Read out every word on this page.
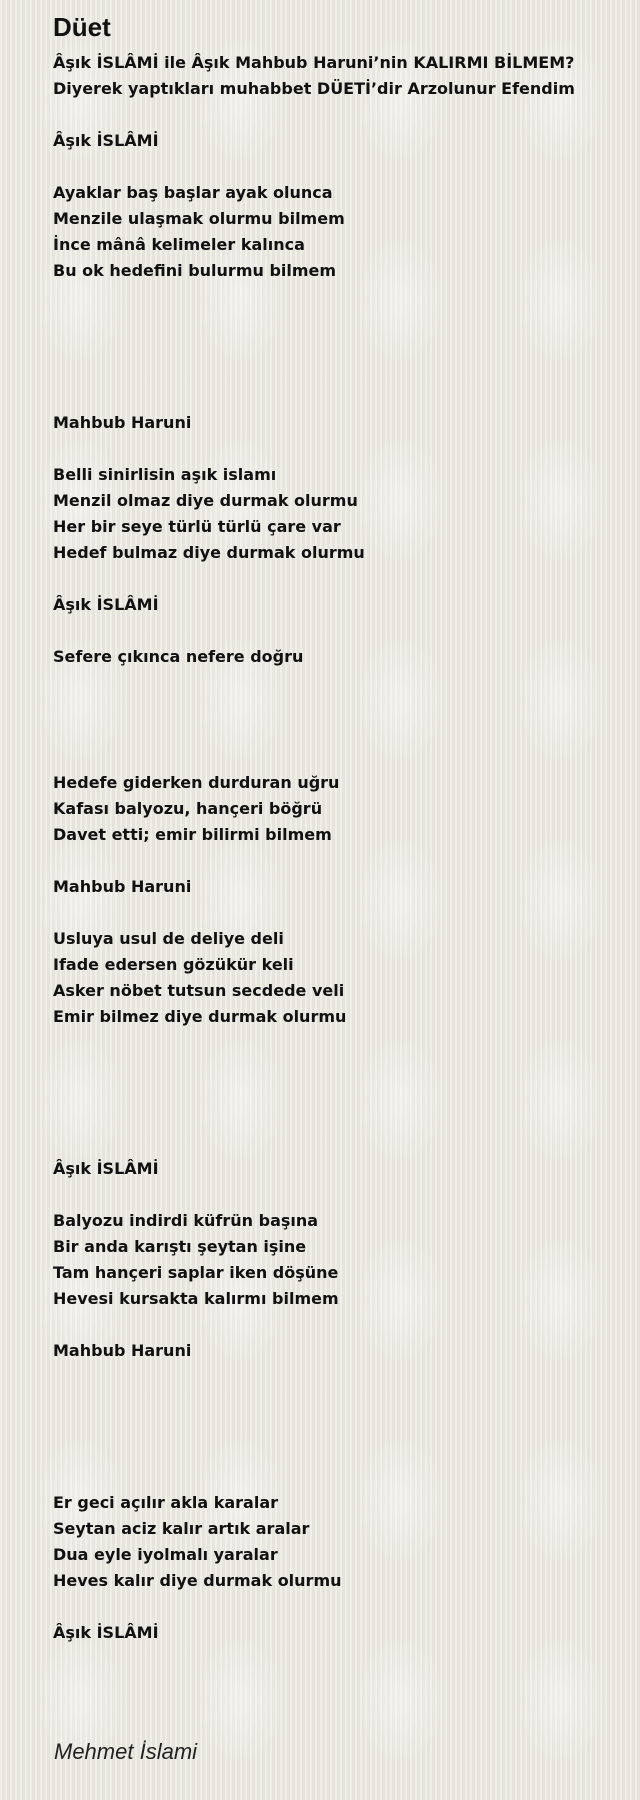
Düet

Âşık İSLÂMİ ile Âşık Mahbub Haruni’nin KALIRMI BİLMEM? Diyerek yaptıkları muhabbet DÜETİ’dir Arzolunur Efendim

Âşık İSLÂMİ

Ayaklar baş başlar ayak olunca

Menzile ulaşmak olurmu bilmem

İnce mânâ kelimeler kalınca

Bu ok hedefini bulurmu bilmem

Mahbub Haruni

Belli sinirlisin aşık islamı

Menzil olmaz diye durmak olurmu

Her bir seye türlü türlü çare var

Hedef bulmaz diye durmak olurmu

Âşık İSLÂMİ

Sefere çıkınca nefere doğru

Hedefe giderken durduran uğru

Kafası balyozu, hançeri böğrü

Davet etti; emir bilirmi bilmem

Mahbub Haruni

Usluya usul de deliye deli

Ifade edersen gözükür keli

Asker nöbet tutsun secdede veli

Emir bilmez diye durmak olurmu

Âşık İSLÂMİ

Balyozu indirdi küfrün başına

Bir anda karıştı şeytan işine

Tam hançeri saplar iken döşüne

Hevesi kursakta kalırmı bilmem

Mahbub Haruni

Er geci açılır akla karalar

Seytan aciz kalır artık aralar

Dua eyle iyolmalı yaralar

Heves kalır diye durmak olurmu

Âşık İSLÂMİ

Mehmet İslami
